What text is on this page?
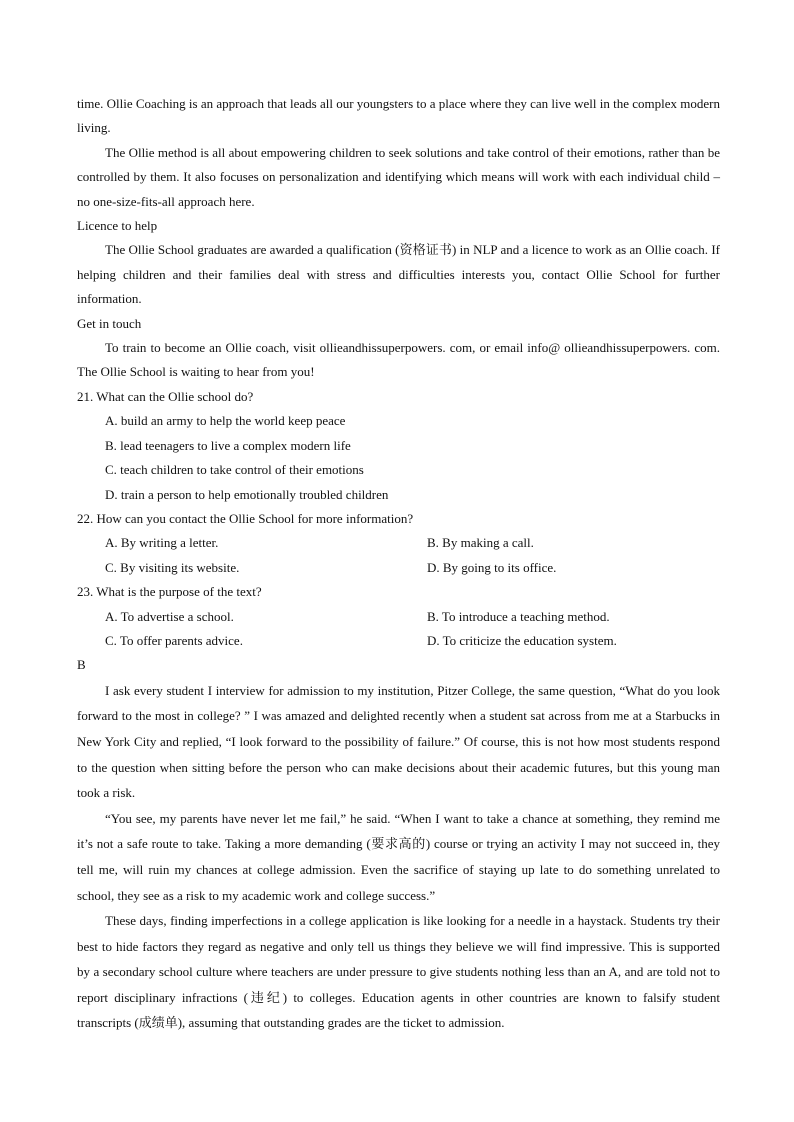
time. Ollie Coaching is an approach that leads all our youngsters to a place where they can live well in the complex modern living.
The Ollie method is all about empowering children to seek solutions and take control of their emotions, rather than be controlled by them. It also focuses on personalization and identifying which means will work with each individual child – no one-size-fits-all approach here.
Licence to help
The Ollie School graduates are awarded a qualification (资格证书) in NLP and a licence to work as an Ollie coach. If helping children and their families deal with stress and difficulties interests you, contact Ollie School for further information.
Get in touch
To train to become an Ollie coach, visit ollieandhissuperpowers. com, or email info@ ollieandhissuperpowers. com. The Ollie School is waiting to hear from you!
21. What can the Ollie school do?
A. build an army to help the world keep peace
B. lead teenagers to live a complex modern life
C. teach children to take control of their emotions
D. train a person to help emotionally troubled children
22. How can you contact the Ollie School for more information?
A. By writing a letter.	B. By making a call.
C. By visiting its website.	D. By going to its office.
23. What is the purpose of the text?
A. To advertise a school.	B. To introduce a teaching method.
C. To offer parents advice.	D. To criticize the education system.
B
I ask every student I interview for admission to my institution, Pitzer College, the same question, “What do you look forward to the most in college? ” I was amazed and delighted recently when a student sat across from me at a Starbucks in New York City and replied, “I look forward to the possibility of failure.” Of course, this is not how most students respond to the question when sitting before the person who can make decisions about their academic futures, but this young man took a risk.
“You see, my parents have never let me fail,” he said. “When I want to take a chance at something, they remind me it’s not a safe route to take. Taking a more demanding (要求高的) course or trying an activity I may not succeed in, they tell me, will ruin my chances at college admission. Even the sacrifice of staying up late to do something unrelated to school, they see as a risk to my academic work and college success.”
These days, finding imperfections in a college application is like looking for a needle in a haystack. Students try their best to hide factors they regard as negative and only tell us things they believe we will find impressive. This is supported by a secondary school culture where teachers are under pressure to give students nothing less than an A, and are told not to report disciplinary infractions (违纪) to colleges. Education agents in other countries are known to falsify student transcripts (成绩单), assuming that outstanding grades are the ticket to admission.
